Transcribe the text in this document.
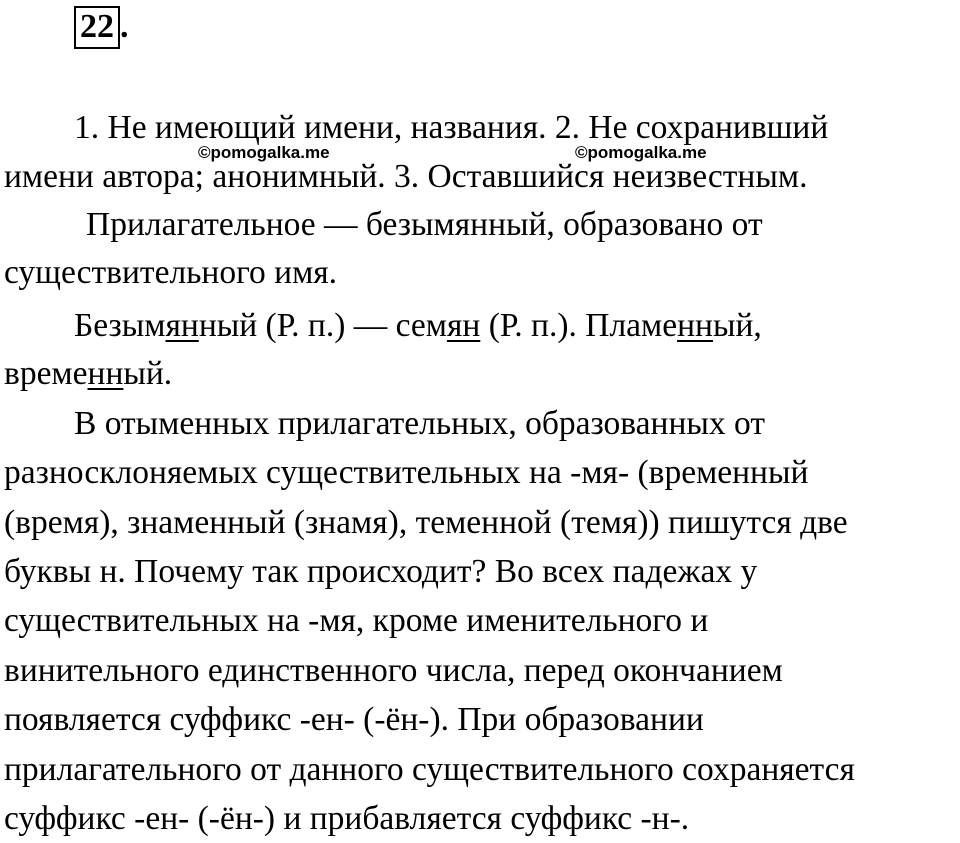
22 .
1. Не имеющий имени, названия. 2. Не сохранивший
имени автора; анонимный. 3. Оставшийся неизвестным.
Прилагательное — безымянный, образовано от
существительного имя.
Безымянный (Р. п.) — семян (Р. п.). Пламенный,
временный.
В отыменных прилагательных, образованных от
разносклоняемых существительных на -мя- (временный
(время), знаменный (знамя), теменной (темя)) пишутся две
буквы н. Почему так происходит? Во всех падежах у
существительных на -мя, кроме именительного и
винительного единственного числа, перед окончанием
появляется суффикс -ен- (-ён-). При образовании
прилагательного от данного существительного сохраняется
суффикс -ен- (-ён-) и прибавляется суффикс -н-.
©pomogalka.me	©pomogalka.me
